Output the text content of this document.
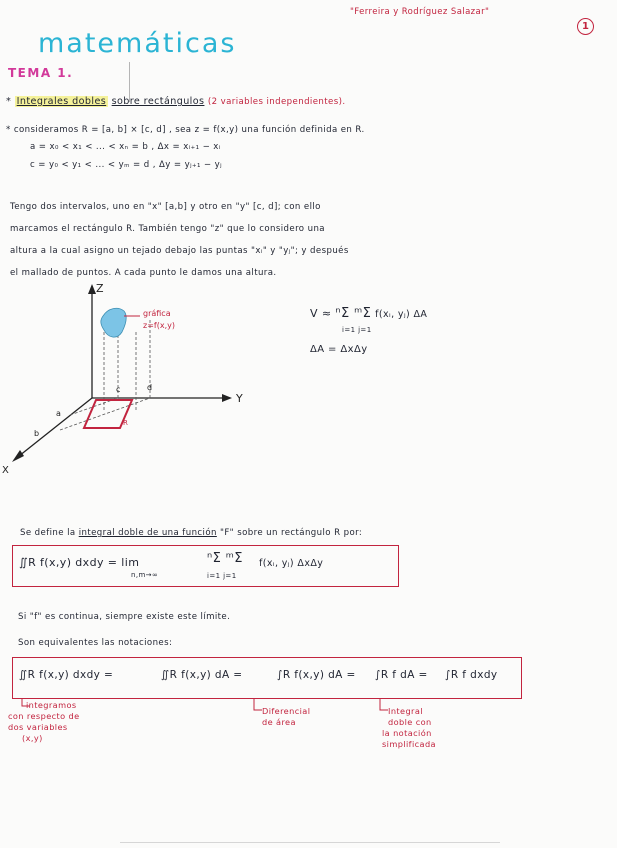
"Ferreira y Rodríguez Salazar"
1
matemáticas
TEMA 1.
* Integrales dobles sobre rectángulos (2 variables independientes).
* consideramos R = [a, b] × [c, d] , sea z = f(x,y) una función definida en R.
a = x₀ < x₁ < ... < xₙ = b , Δx = xᵢ₊₁ − xᵢ
c = y₀ < y₁ < ... < yₘ = d , Δy = yⱼ₊₁ − yⱼ
Tengo dos intervalos, uno en "x" [a,b] y otro en "y" [c, d]; con ello
marcamos el rectángulo R. También tengo "z" que lo considero una
altura a la cual asigno un tejado debajo las puntas "xᵢ" y "yⱼ"; y después
el mallado de puntos. A cada punto le damos una altura.
Z
Y
X
c	d
a
b
R
gráfica
z=f(x,y)
V ≈ ⁿΣ ᵐΣ f(xᵢ, yⱼ) ΔA
i=1 j=1
ΔA = ΔxΔy
Se define la integral doble de una función "F" sobre un rectángulo R por:
∬R f(x,y) dxdy = lim
n,m→∞
ⁿΣ ᵐΣ
i=1 j=1
f(xᵢ, yⱼ) ΔxΔy
Si "f" es continua, siempre existe este límite.
Son equivalentes las notaciones:
∬R f(x,y) dxdy =	∬R f(x,y) dA =	∫R f(x,y) dA = ∫R f dA = ∫R f dxdy
integramos
con respecto de
dos variables
(x,y)
Diferencial
de área
Integral
doble con
la notación
simplificada
